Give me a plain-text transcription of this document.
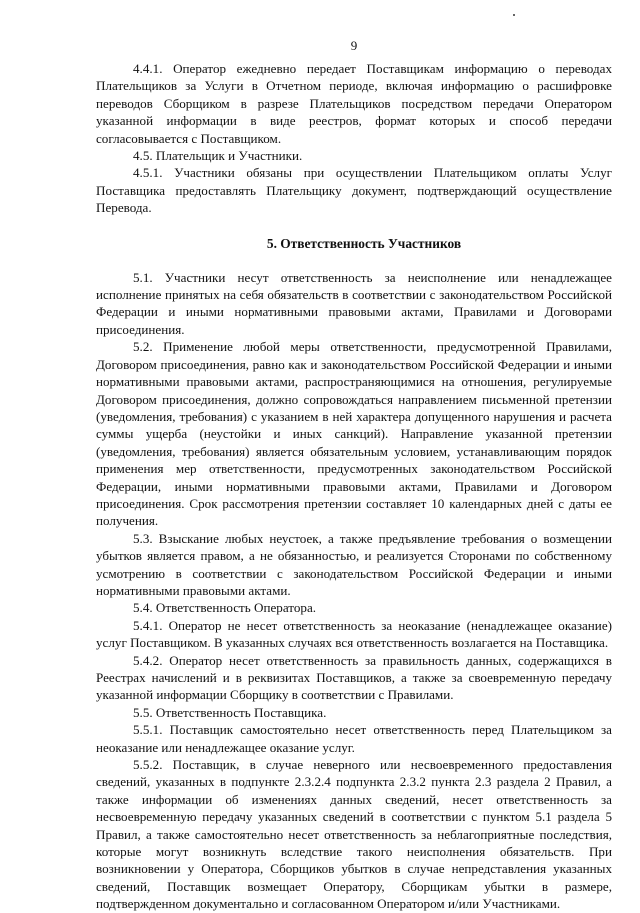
9

4.4.1. Оператор ежедневно передает Поставщикам информацию о переводах Плательщиков за Услуги в Отчетном периоде, включая информацию о расшифровке переводов Сборщиком в разрезе Плательщиков посредством передачи Оператором указанной информации в виде реестров, формат которых и способ передачи согласовывается с Поставщиком.

4.5. Плательщик и Участники.

4.5.1. Участники обязаны при осуществлении Плательщиком оплаты Услуг Поставщика предоставлять Плательщику документ, подтверждающий осуществление Перевода.

5. Ответственность Участников

5.1. Участники несут ответственность за неисполнение или ненадлежащее исполнение принятых на себя обязательств в соответствии с законодательством Российской Федерации и иными нормативными правовыми актами, Правилами и Договорами присоединения.

5.2. Применение любой меры ответственности, предусмотренной Правилами, Договором присоединения, равно как и законодательством Российской Федерации и иными нормативными правовыми актами, распространяющимися на отношения, регулируемые Договором присоединения, должно сопровождаться направлением письменной претензии (уведомления, требования) с указанием в ней характера допущенного нарушения и расчета суммы ущерба (неустойки и иных санкций). Направление указанной претензии (уведомления, требования) является обязательным условием, устанавливающим порядок применения мер ответственности, предусмотренных законодательством Российской Федерации, иными нормативными правовыми актами, Правилами и Договором присоединения. Срок рассмотрения претензии составляет 10 календарных дней с даты ее получения.

5.3. Взыскание любых неустоек, а также предъявление требования о возмещении убытков является правом, а не обязанностью, и реализуется Сторонами по собственному усмотрению в соответствии с законодательством Российской Федерации и иными нормативными правовыми актами.

5.4. Ответственность Оператора.

5.4.1. Оператор не несет ответственность за неоказание (ненадлежащее оказание) услуг Поставщиком. В указанных случаях вся ответственность возлагается на Поставщика.

5.4.2. Оператор несет ответственность за правильность данных, содержащихся в Реестрах начислений и в реквизитах Поставщиков, а также за своевременную передачу указанной информации Сборщику в соответствии с Правилами.

5.5. Ответственность Поставщика.

5.5.1. Поставщик самостоятельно несет ответственность перед Плательщиком за неоказание или ненадлежащее оказание услуг.

5.5.2. Поставщик, в случае неверного или несвоевременного предоставления сведений, указанных в подпункте 2.3.2.4 подпункта 2.3.2 пункта 2.3 раздела 2 Правил, а также информации об изменениях данных сведений, несет ответственность за несвоевременную передачу указанных сведений в соответствии с пунктом 5.1 раздела 5 Правил, а также самостоятельно несет ответственность за неблагоприятные последствия, которые могут возникнуть вследствие такого неисполнения обязательств. При возникновении у Оператора, Сборщиков убытков в случае непредставления указанных сведений, Поставщик возмещает Оператору, Сборщикам убытки в размере, подтвержденном документально и согласованном Оператором и/или Участниками.
